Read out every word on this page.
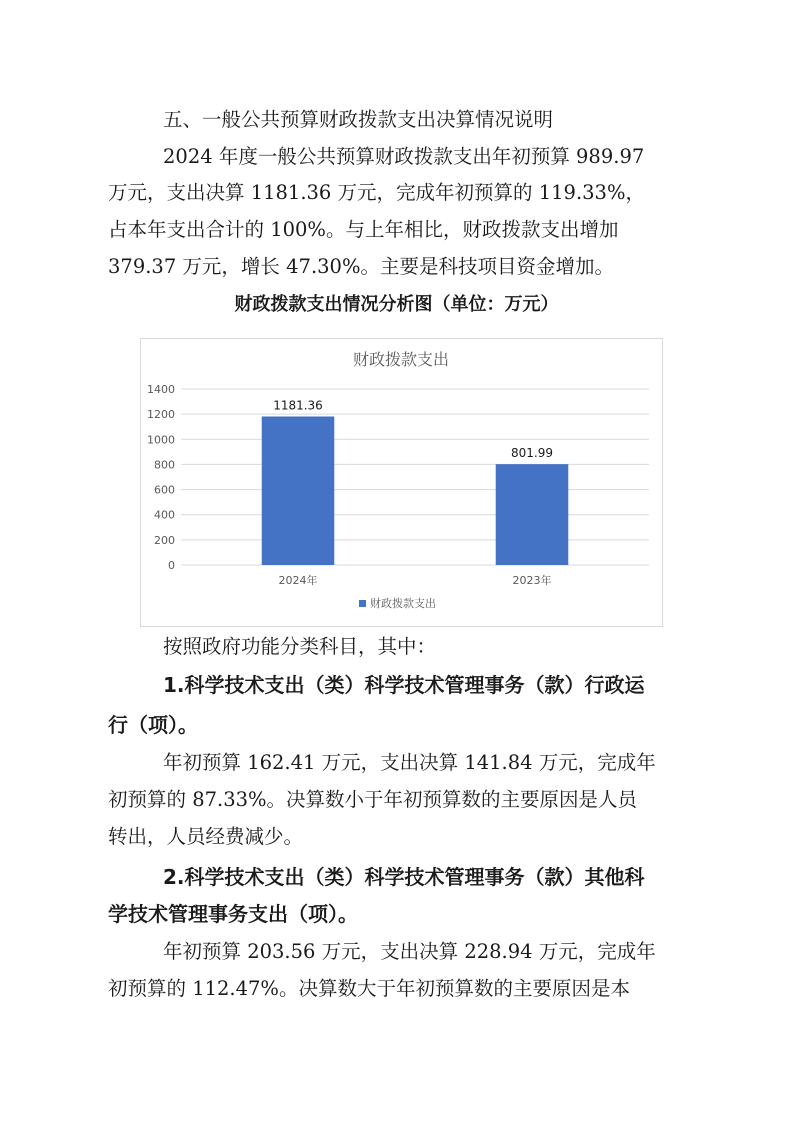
五、一般公共预算财政拨款支出决算情况说明
2024 年度一般公共预算财政拨款支出年初预算 989.97
万元，支出决算 1181.36 万元，完成年初预算的 119.33%，
占本年支出合计的 100%。与上年相比，财政拨款支出增加
379.37 万元，增长 47.30%。主要是科技项目资金增加。
财政拨款支出情况分析图（单位：万元）
财政拨款支出
0
200
400
600
800
1000
1200
1400
2024年	2023年
1181.36
801.99
财政拨款支出
按照政府功能分类科目，其中：
1.科学技术支出（类）科学技术管理事务（款）行政运
行（项）。
年初预算 162.41 万元，支出决算 141.84 万元，完成年
初预算的 87.33%。决算数小于年初预算数的主要原因是人员
转出，人员经费减少。
2.科学技术支出（类）科学技术管理事务（款）其他科
学技术管理事务支出（项）。
年初预算 203.56 万元，支出决算 228.94 万元，完成年
初预算的 112.47%。决算数大于年初预算数的主要原因是本
